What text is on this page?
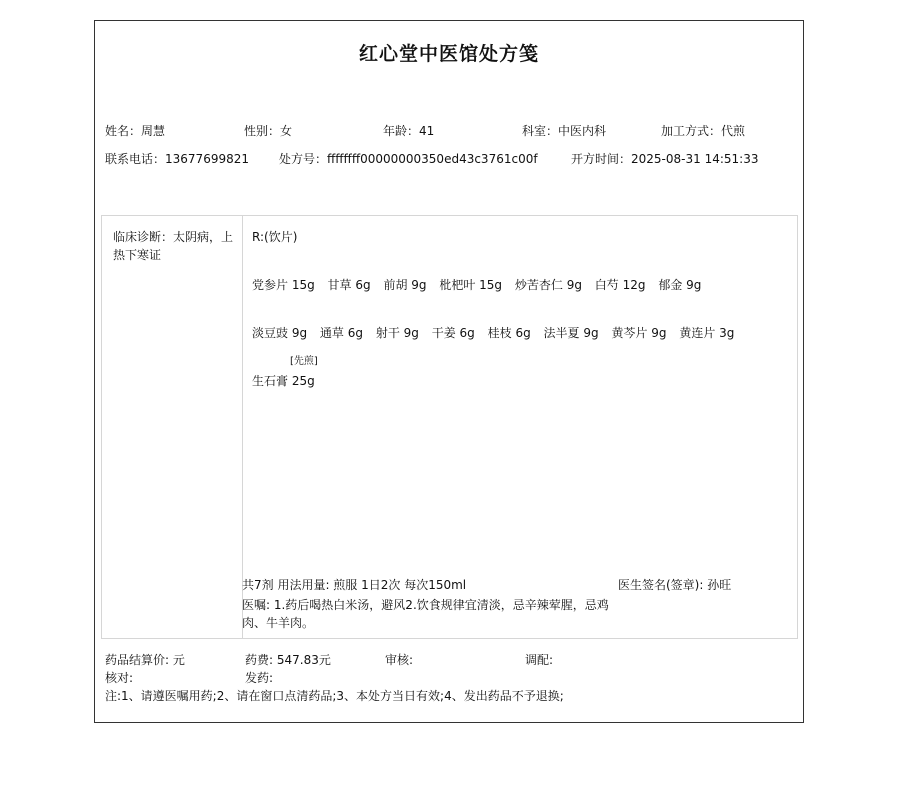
红心堂中医馆处方笺
姓名：周慧	性别：女	年龄：41	科室：中医内科	加工方式：代煎
联系电话：13677699821	处方号：ffffffff00000000350ed43c3761c00f	开方时间：2025-08-31 14:51:33
临床诊断：太阴病，上热下寒证
R:(饮片)
党参片 15g 甘草 6g 前胡 9g 枇杷叶 15g 炒苦杏仁 9g 白芍 12g 郁金 9g
淡豆豉 9g 通草 6g 射干 9g 干姜 6g 桂枝 6g 法半夏 9g 黄芩片 9g 黄连片 3g
[先煎]
生石膏 25g
共7剂 用法用量: 煎服 1日2次 每次150ml	医生签名(签章): 孙旺
医嘱: 1.药后喝热白米汤，避风2.饮食规律宜清淡，忌辛辣荤腥，忌鸡肉、牛羊肉。
药品结算价: 元	药费: 547.83元	审核:	调配:
核对:	发药:
注:1、请遵医嘱用药;2、请在窗口点清药品;3、本处方当日有效;4、发出药品不予退换;
